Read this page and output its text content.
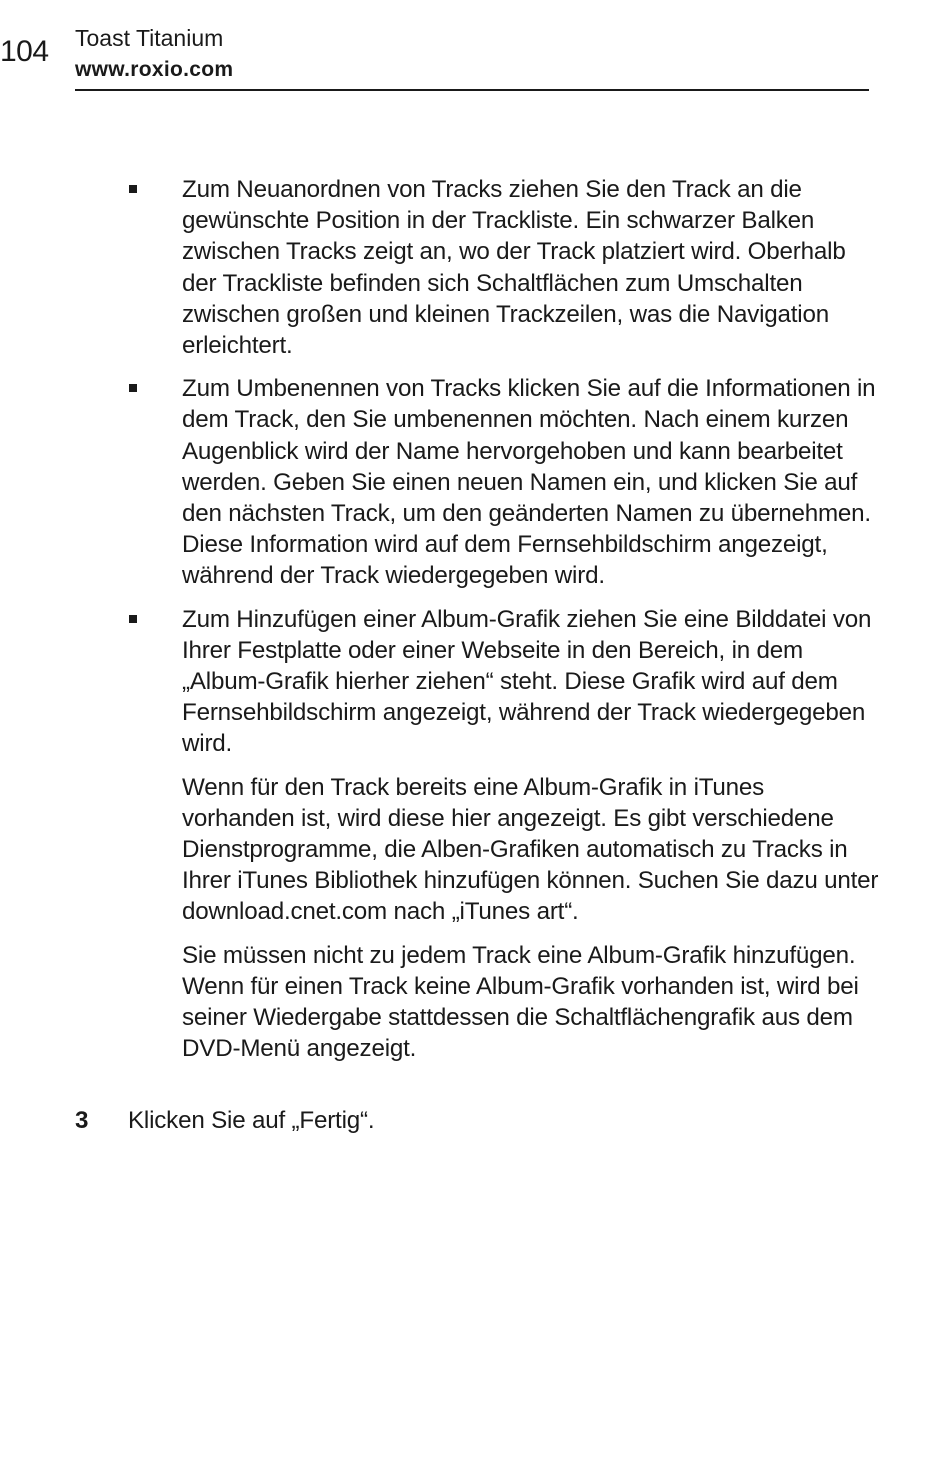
104 Toast Titanium
www.roxio.com

Zum Neuanordnen von Tracks ziehen Sie den Track an die gewünschte Position in der Trackliste. Ein schwarzer Balken zwischen Tracks zeigt an, wo der Track platziert wird. Oberhalb der Trackliste befinden sich Schaltflächen zum Umschalten zwischen großen und kleinen Trackzeilen, was die Navigation erleichtert.

Zum Umbenennen von Tracks klicken Sie auf die Informationen in dem Track, den Sie umbenennen möchten. Nach einem kurzen Augenblick wird der Name hervorgehoben und kann bearbeitet werden. Geben Sie einen neuen Namen ein, und klicken Sie auf den nächsten Track, um den geänderten Namen zu übernehmen. Diese Information wird auf dem Fernsehbildschirm angezeigt, während der Track wiedergegeben wird.

Zum Hinzufügen einer Album-Grafik ziehen Sie eine Bilddatei von Ihrer Festplatte oder einer Webseite in den Bereich, in dem „Album-Grafik hierher ziehen“ steht. Diese Grafik wird auf dem Fernsehbildschirm angezeigt, während der Track wiedergegeben wird.

Wenn für den Track bereits eine Album-Grafik in iTunes vorhanden ist, wird diese hier angezeigt. Es gibt verschiedene Dienstprogramme, die Alben-Grafiken automatisch zu Tracks in Ihrer iTunes Bibliothek hinzufügen können. Suchen Sie dazu unter download.cnet.com nach „iTunes art“.

Sie müssen nicht zu jedem Track eine Album-Grafik hinzufügen. Wenn für einen Track keine Album-Grafik vorhanden ist, wird bei seiner Wiedergabe stattdessen die Schaltflächengrafik aus dem DVD-Menü angezeigt.

3 Klicken Sie auf „Fertig“.
